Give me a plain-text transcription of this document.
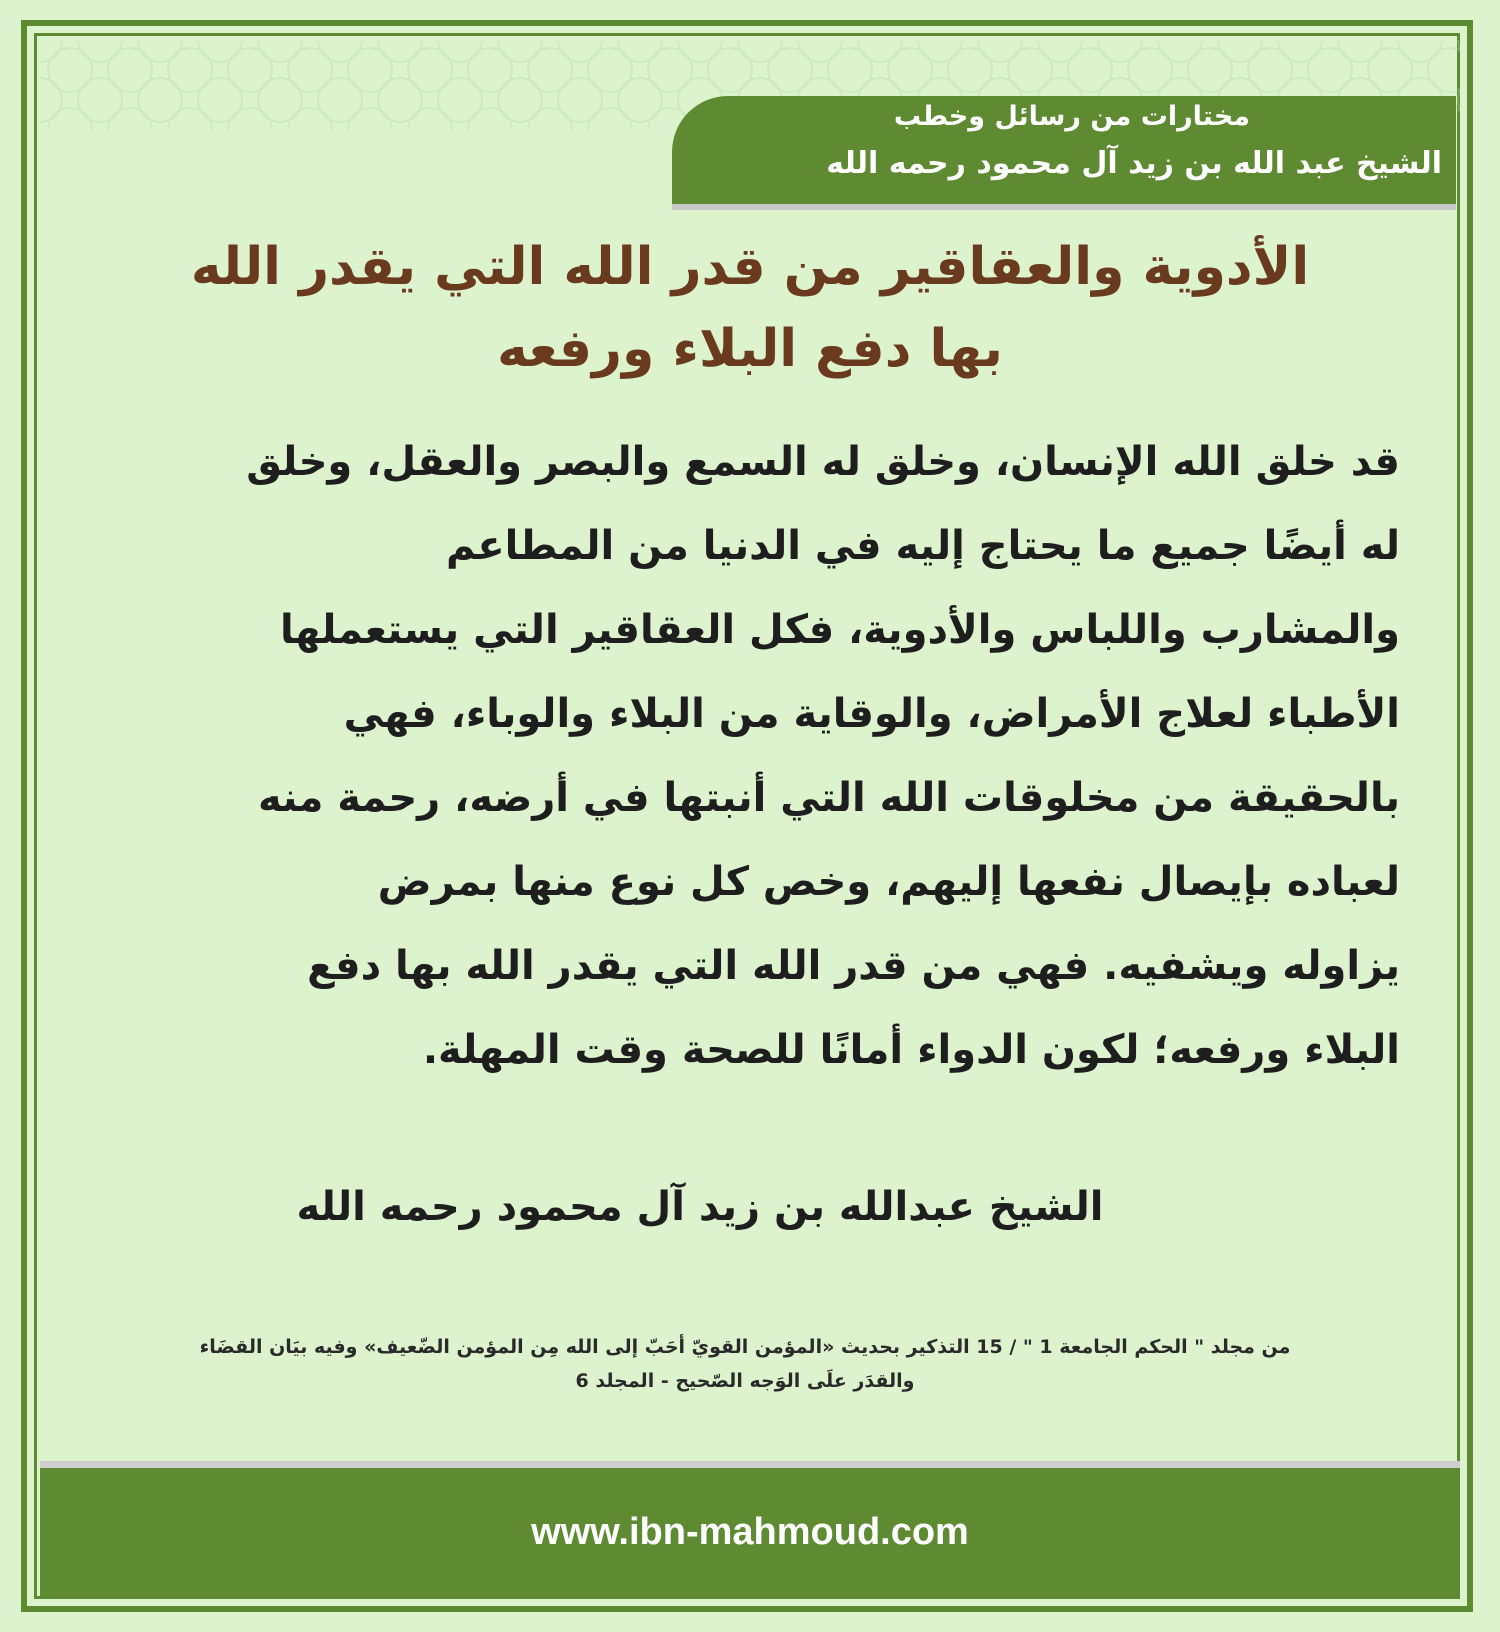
مختارات من رسائل وخطب
الشيخ عبد الله بن زيد آل محمود رحمه الله
الأدوية والعقاقير من قدر الله التي يقدر الله
بها دفع البلاء ورفعه
قد خلق الله الإنسان، وخلق له السمع والبصر والعقل، وخلق
له أيضًا جميع ما يحتاج إليه في الدنيا من المطاعم
والمشارب واللباس والأدوية، فكل العقاقير التي يستعملها
الأطباء لعلاج الأمراض، والوقاية من البلاء والوباء، فهي
بالحقيقة من مخلوقات الله التي أنبتها في أرضه، رحمة منه
لعباده بإيصال نفعها إليهم، وخص كل نوع منها بمرض
يزاوله ويشفيه. فهي من قدر الله التي يقدر الله بها دفع
البلاء ورفعه؛ لكون الدواء أمانًا للصحة وقت المهلة.
الشيخ عبدالله بن زيد آل محمود رحمه الله
من مجلد " الحكم الجامعة 1 " / 15 التذكير بحديث «المؤمن القويّ أحَبّ إلى الله مِن المؤمن الضّعيف» وفيه بيَان القضَاء
والقدَر علَى الوَجه الصّحيح - المجلد 6
www.ibn-mahmoud.com
